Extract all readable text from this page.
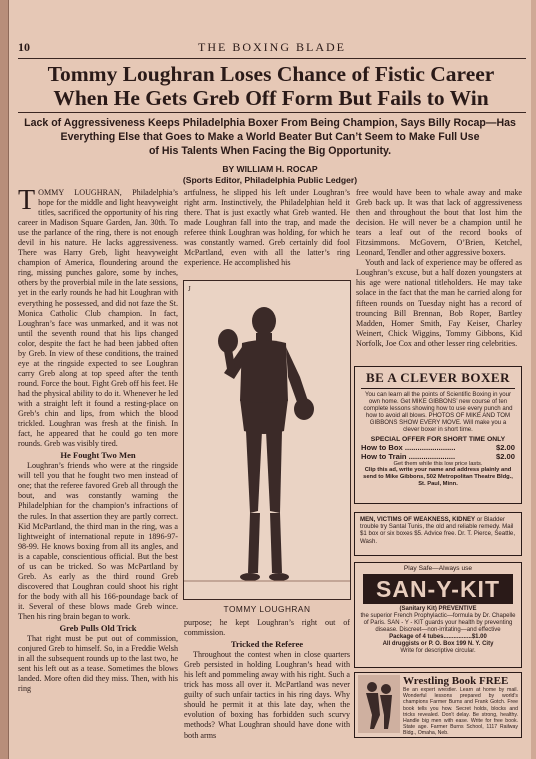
10	THE BOXING BLADE
Tommy Loughran Loses Chance of Fistic Career
When He Gets Greb Off Form But Fails to Win
Lack of Aggressiveness Keeps Philadelphia Boxer From Being Champion, Says Billy Rocap—Has
Everything Else that Goes to Make a World Beater But Can’t Seem to Make Full Use
of His Talents When Facing the Big Opportunity.
BY WILLIAM H. ROCAP
(Sports Editor, Philadelphia Public Ledger)

TOMMY LOUGHRAN, Philadelphia’s hope for the middle and light heavyweight titles, sacrificed the opportunity of his ring career in Madison Square Garden, Jan. 30th. To use the parlance of the ring, there is not enough devil in his nature. He lacks aggressiveness. There was Harry Greb, light heavyweight champion of America, floundering around the ring, missing punches galore, some by inches, others by the proverbial mile in the late sessions, yet in the early rounds he had hit Loughran with everything he possessed, and did not faze the St. Monica Catholic Club champion. In fact, Loughran’s face was unmarked, and it was not until the seventh round that his lips changed color, despite the fact he had been jabbed often by Greb. In view of these conditions, the trained eye at the ringside expected to see Loughran carry Greb along at top speed after the tenth round. Force the bout. Fight Greb off his feet. He had the physical ability to do it. Whenever he led with a straight left it found a resting-place on Greb’s chin and lips, from which the blood trickled. Loughran was fresh at the finish. In fact, he appeared that he could go ten more rounds. Greb was visibly tired.

He Fought Two Men

Loughran’s friends who were at the ringside will tell you that he fought two men instead of one; that the referee favored Greb all through the bout, and was constantly warning the Philadelphian for the champion’s infractions of the rules. In that assertion they are partly correct. Kid McPartland, the third man in the ring, was a lightweight of international repute in 1896-97-98-99. He knows boxing from all its angles, and is a capable, conscientious official. But the best of us can be tricked. So was McPartland by Greb. As early as the third round Greb discovered that Loughran could shoot his right for the body with all his 166-poundage back of it. Several of these blows made Greb wince. Then his ring brain began to work.

Greb Pulls Old Trick

That right must be put out of commission, conjured Greb to himself. So, in a Freddie Welsh in all the subsequent rounds up to the last two, he sent his left out as a tease. Sometimes the blows landed. More often did they miss. Then, with his ring

artfulness, he slipped his left under Loughran’s right arm. Instinctively, the Philadelphian held it there. That is just exactly what Greb wanted. He made Loughran fall into the trap, and made the referee think Loughran was holding, for which he was constantly warned. Greb certainly did fool McPartland, even with all the latter’s ring experience. He accomplished his

J
TOMMY LOUGHRAN

purpose; he kept Loughran’s right out of commission.

Tricked the Referee

Throughout the contest when in close quarters Greb persisted in holding Loughran’s head with his left and pommeling away with his right. Such a trick has moss all over it. McPartland was never guilty of such unfair tactics in his ring days. Why should he permit it at this late day, when the evolution of boxing has forbidden such scurvy methods? What Loughran should have done with both arms

free would have been to whale away and make Greb back up. It was that lack of aggressiveness then and throughout the bout that lost him the decision. He will never be a champion until he tears a leaf out of the record books of Fitzsimmons. McGovern, O’Brien, Ketchel, Leonard, Tendler and other aggressive boxers.

Youth and lack of experience may be offered as Loughran’s excuse, but a half dozen youngsters at his age were national titleholders. He may take solace in the fact that the man he carried along for fifteen rounds on Tuesday night has a record of trouncing Bill Brennan, Bob Roper, Bartley Madden, Homer Smith, Fay Keiser, Charley Weinert, Chick Wiggins, Tommy Gibbons, Kid Norfolk, Joe Cox and other lesser ring celebrities.

BE A CLEVER BOXER
You can learn all the points of Scientific Boxing in your own home. Get MIKE GIBBONS’ new course of ten complete lessons showing how to use every punch and how to avoid all blows. PHOTOS OF MIKE AND TOM GIBBONS SHOW EVERY MOVE. Will make you a clever boxer in short time.
SPECIAL OFFER FOR SHORT TIME ONLY
How to Box ........................	$2.00
How to Train ......................	$2.00
Get them while this low price lasts.
Clip this ad, write your name and address plainly and send to Mike Gibbons, 502 Metropolitan Theatre Bldg., St. Paul, Minn.
MEN, VICTIMS OF WEAKNESS, KIDNEY or Bladder trouble try Santal Tunis, the old and reliable remedy. Mail $1 box or six boxes $5. Advice free. Dr. T. Pierce, Seattle, Wash.
Play Safe—Always use
SAN-Y-KIT
(Sanitary Kit) PREVENTIVE
the superior French Prophylactic—formula by Dr. Chapelle of Paris. SAN - Y - KIT guards your health by preventing disease. Discreet—non-irritating—and effective
Package of 4 tubes.................$1.00
All druggists or P. O. Box 199 N. Y. City
Write for descriptive circular.
Wrestling Book FREE
Be an expert wrestler. Learn at home by mail. Wonderful lessons prepared by world's champions Farmer Burns and Frank Gotch. Free book tells you how. Secret holds, blocks and tricks revealed. Don't delay. Be strong, healthy. Handle big men with ease. Write for free book. State age. Farmer Burns School, 1117 Railway Bldg., Omaha, Neb.
